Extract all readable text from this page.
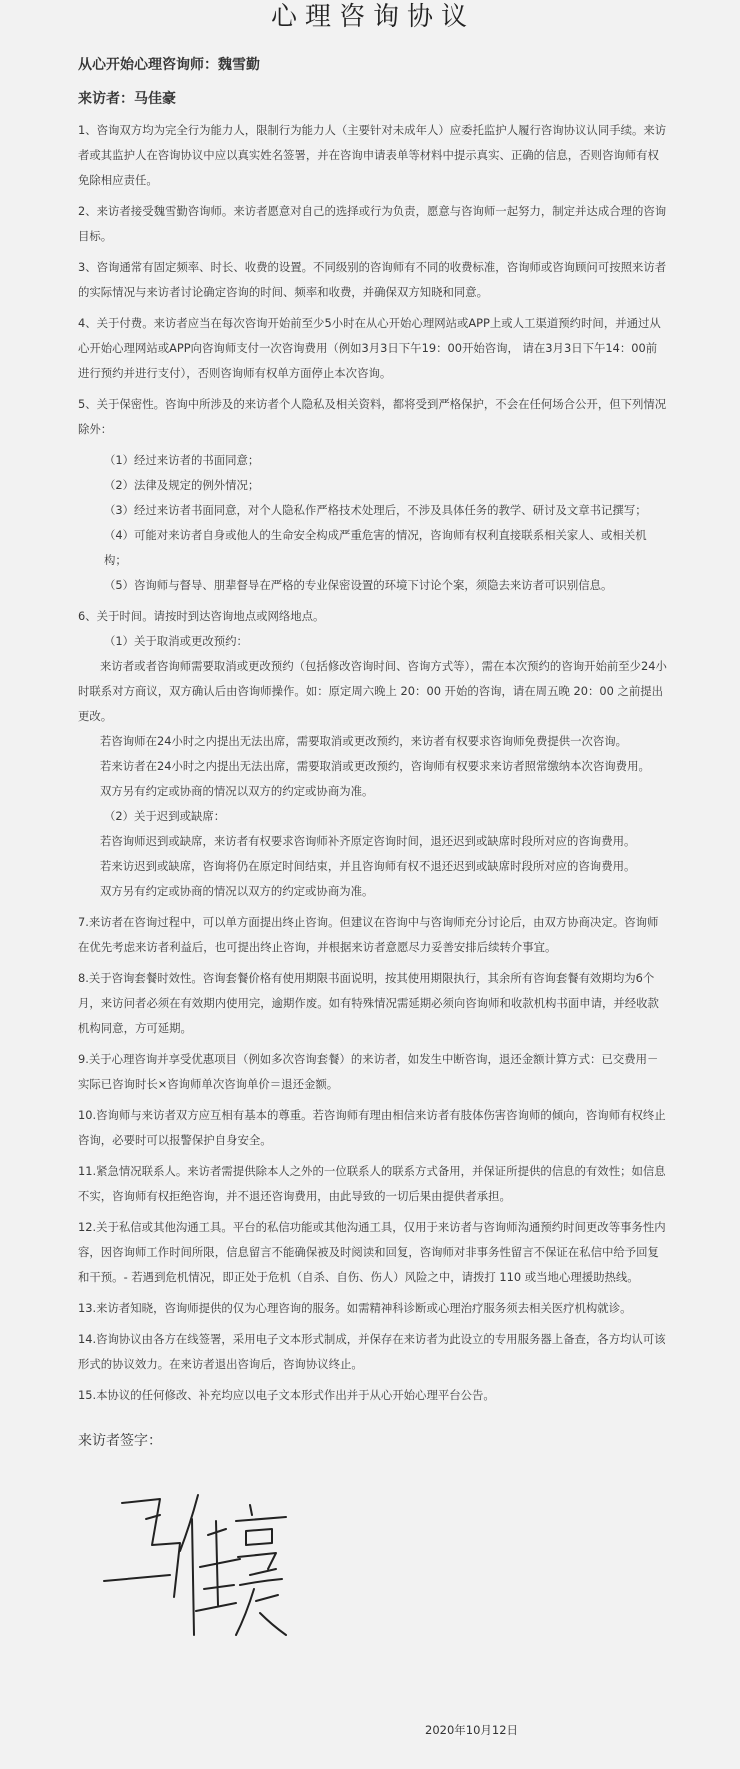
心理咨询协议

从心开始心理咨询师：魏雪勤

来访者：马佳豪

1、咨询双方均为完全行为能力人，限制行为能力人（主要针对未成年人）应委托监护人履行咨询协议认同手续。来访者或其监护人在咨询协议中应以真实姓名签署，并在咨询申请表单等材料中提示真实、正确的信息，否则咨询师有权免除相应责任。

2、来访者接受魏雪勤咨询师。来访者愿意对自己的选择或行为负责，愿意与咨询师一起努力，制定并达成合理的咨询目标。

3、咨询通常有固定频率、时长、收费的设置。不同级别的咨询师有不同的收费标准，咨询师或咨询顾问可按照来访者的实际情况与来访者讨论确定咨询的时间、频率和收费，并确保双方知晓和同意。

4、关于付费。来访者应当在每次咨询开始前至少5小时在从心开始心理网站或APP上或人工渠道预约时间，并通过从心开始心理网站或APP向咨询师支付一次咨询费用（例如3月3日下午19：00开始咨询， 请在3月3日下午14：00前进行预约并进行支付），否则咨询师有权单方面停止本次咨询。

5、关于保密性。咨询中所涉及的来访者个人隐私及相关资料，都将受到严格保护，不会在任何场合公开，但下列情况除外：

（1）经过来访者的书面同意；
（2）法律及规定的例外情况；
（3）经过来访者书面同意，对个人隐私作严格技术处理后，不涉及具体任务的教学、研讨及文章书记撰写；
（4）可能对来访者自身或他人的生命安全构成严重危害的情况，咨询师有权利直接联系相关家人、或相关机构；
（5）咨询师与督导、朋辈督导在严格的专业保密设置的环境下讨论个案，须隐去来访者可识别信息。

6、关于时间。请按时到达咨询地点或网络地点。

（1）关于取消或更改预约：

来访者或者咨询师需要取消或更改预约（包括修改咨询时间、咨询方式等），需在本次预约的咨询开始前至少24小时联系对方商议，双方确认后由咨询师操作。如：原定周六晚上 20：00 开始的咨询，请在周五晚 20：00 之前提出更改。

若咨询师在24小时之内提出无法出席，需要取消或更改预约，来访者有权要求咨询师免费提供一次咨询。

若来访者在24小时之内提出无法出席，需要取消或更改预约，咨询师有权要求来访者照常缴纳本次咨询费用。

双方另有约定或协商的情况以双方的约定或协商为准。

（2）关于迟到或缺席：

若咨询师迟到或缺席，来访者有权要求咨询师补齐原定咨询时间，退还迟到或缺席时段所对应的咨询费用。

若来访迟到或缺席，咨询将仍在原定时间结束，并且咨询师有权不退还迟到或缺席时段所对应的咨询费用。

双方另有约定或协商的情况以双方的约定或协商为准。

7.来访者在咨询过程中，可以单方面提出终止咨询。但建议在咨询中与咨询师充分讨论后，由双方协商决定。咨询师在优先考虑来访者利益后，也可提出终止咨询，并根据来访者意愿尽力妥善安排后续转介事宜。

8.关于咨询套餐时效性。咨询套餐价格有使用期限书面说明，按其使用期限执行，其余所有咨询套餐有效期均为6个月，来访问者必须在有效期内使用完，逾期作废。如有特殊情况需延期必须向咨询师和收款机构书面申请，并经收款机构同意，方可延期。

9.关于心理咨询并享受优惠项目（例如多次咨询套餐）的来访者，如发生中断咨询，退还金额计算方式：已交费用－实际已咨询时长×咨询师单次咨询单价＝退还金额。

10.咨询师与来访者双方应互相有基本的尊重。若咨询师有理由相信来访者有肢体伤害咨询师的倾向，咨询师有权终止咨询，必要时可以报警保护自身安全。

11.紧急情况联系人。来访者需提供除本人之外的一位联系人的联系方式备用，并保证所提供的信息的有效性；如信息不实，咨询师有权拒绝咨询，并不退还咨询费用，由此导致的一切后果由提供者承担。

12.关于私信或其他沟通工具。平台的私信功能或其他沟通工具，仅用于来访者与咨询师沟通预约时间更改等事务性内容，因咨询师工作时间所限，信息留言不能确保被及时阅读和回复，咨询师对非事务性留言不保证在私信中给予回复和干预。- 若遇到危机情况，即正处于危机（自杀、自伤、伤人）风险之中，请拨打 110 或当地心理援助热线。

13.来访者知晓，咨询师提供的仅为心理咨询的服务。如需精神科诊断或心理治疗服务须去相关医疗机构就诊。

14.咨询协议由各方在线签署，采用电子文本形式制成，并保存在来访者为此设立的专用服务器上备查，各方均认可该形式的协议效力。在来访者退出咨询后，咨询协议终止。

15.本协议的任何修改、补充均应以电子文本形式作出并于从心开始心理平台公告。

来访者签字：

2020年10月12日
